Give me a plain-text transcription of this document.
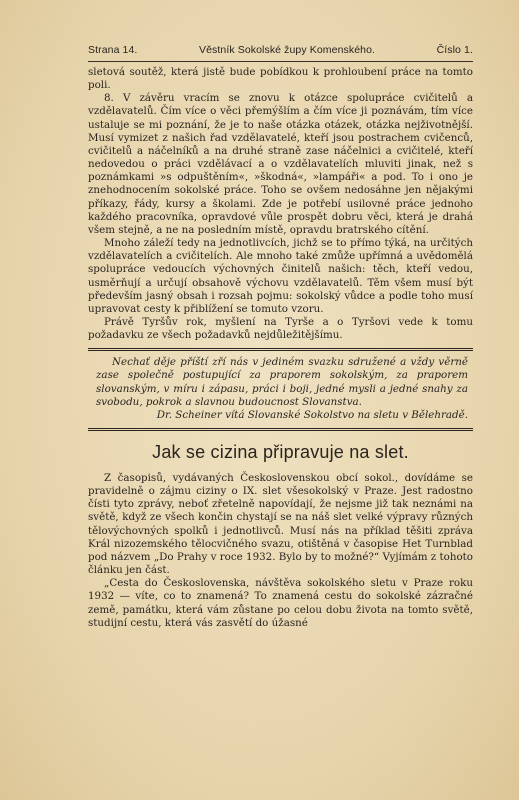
Strana 14.	Věstník Sokolské župy Komenského.	Číslo 1.

sletová soutěž, která jistě bude pobídkou k prohloubení práce na tomto poli.

8. V závěru vracím se znovu k otázce spolupráce cvičitelů a vzdělavatelů. Čím více o věci přemýšlím a čím více ji poznávám, tím více ustaluje se mi poznání, že je to naše otázka otázek, otázka nejživotnější. Musí vymizet z našich řad vzdělavatelé, kteří jsou postrachem cvičenců, cvičitelů a náčelníků a na druhé straně zase náčelnici a cvičitelé, kteří nedovedou o práci vzdělávací a o vzdělavatelích mluviti jinak, než s poznámkami »s odpuštěním«, »škodná«, »lampáři« a pod. To i ono je znehodnocením sokolské práce. Toho se ovšem nedosáhne jen nějakými příkazy, řády, kursy a školami. Zde je potřebí usilovné práce jednoho každého pracovníka, opravdové vůle prospět dobru věci, která je drahá všem stejně, a ne na posledním místě, opravdu bratrského cítění.

Mnoho záleží tedy na jednotlivcích, jichž se to přímo týká, na určitých vzdělavatelích a cvičitelích. Ale mnoho také zmůže upřímná a uvědomělá spolupráce vedoucích výchovných činitelů našich: těch, kteří vedou, usměrňují a určují obsahově výchovu vzdělavatelů. Těm všem musí být především jasný obsah i rozsah pojmu: sokolský vůdce a podle toho musí upravovat cesty k přiblížení se tomuto vzoru.

Právě Tyršův rok, myšlení na Tyrše a o Tyršovi vede k tomu požadavku ze všech požadavků nejdůležitějšímu.

Nechať děje příští zří nás v jediném svazku sdružené a vždy věrně zase společně postupující za praporem sokolským, za praporem slovanským, v míru i zápasu, práci i boji, jedné mysli a jedné snahy za svobodu, pokrok a slavnou budoucnost Slovanstva.

Dr. Scheiner vítá Slovanské Sokolstvo na sletu v Bělehradě.

Jak se cizina připravuje na slet.

Z časopisů, vydávaných Československou obcí sokol., dovídáme se pravidelně o zájmu ciziny o IX. slet všesokolský v Praze. Jest radostno čísti tyto zprávy, neboť zřetelně napovídají, že nejsme již tak neznámi na světě, když ze všech končin chystají se na náš slet velké výpravy různých tělovýchovných spolků i jednotlivců. Musí nás na příklad těšiti zpráva Král nizozemského tělocvičného svazu, otištěná v časopise Het Turnblad pod názvem „Do Prahy v roce 1932. Bylo by to možné?“ Vyjímám z tohoto článku jen část.

„Cesta do Československa, návštěva sokolského sletu v Praze roku 1932 — víte, co to znamená? To znamená cestu do sokolské zázračné země, památku, která vám zůstane po celou dobu života na tomto světě, studijní cestu, která vás zasvětí do úžasné
